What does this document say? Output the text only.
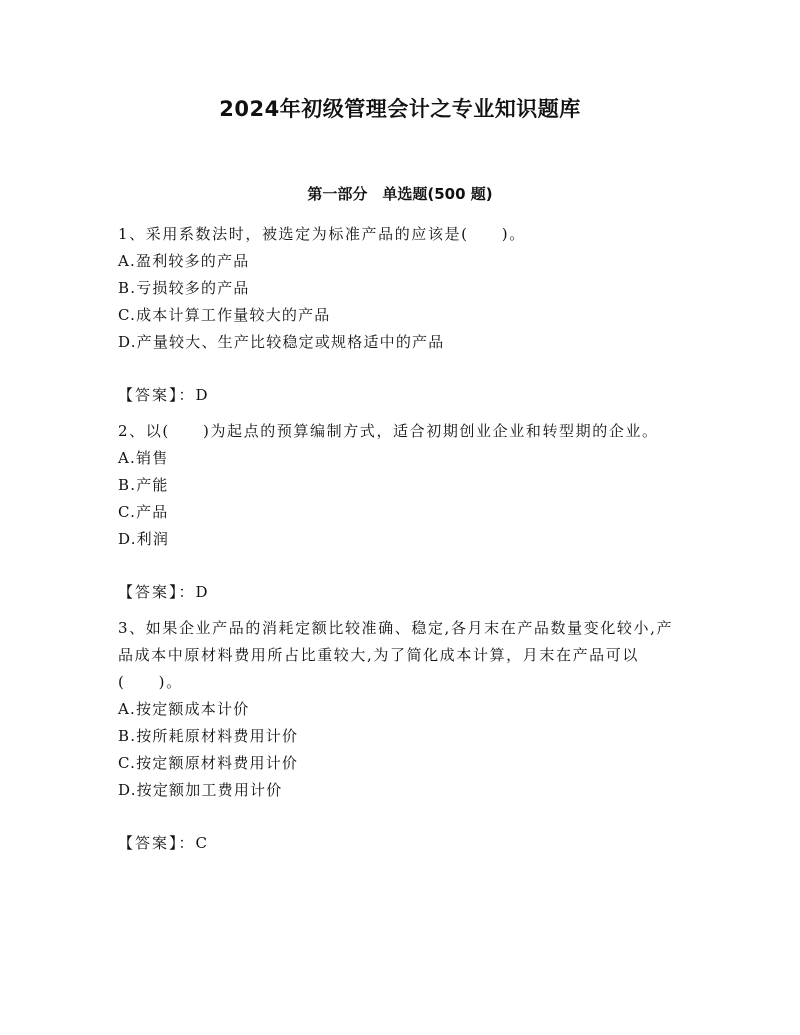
2024年初级管理会计之专业知识题库
第一部分　单选题(500 题)

1、采用系数法时，被选定为标准产品的应该是(　　)。

A.盈利较多的产品

B.亏损较多的产品

C.成本计算工作量较大的产品

D.产量较大、生产比较稳定或规格适中的产品

【答案】：D

2、以(　　)为起点的预算编制方式，适合初期创业企业和转型期的企业。

A.销售

B.产能

C.产品

D.利润

【答案】：D

3、如果企业产品的消耗定额比较准确、稳定,各月末在产品数量变化较小,产品成本中原材料费用所占比重较大,为了简化成本计算，月末在产品可以(　　)。

A.按定额成本计价

B.按所耗原材料费用计价

C.按定额原材料费用计价

D.按定额加工费用计价

【答案】：C
